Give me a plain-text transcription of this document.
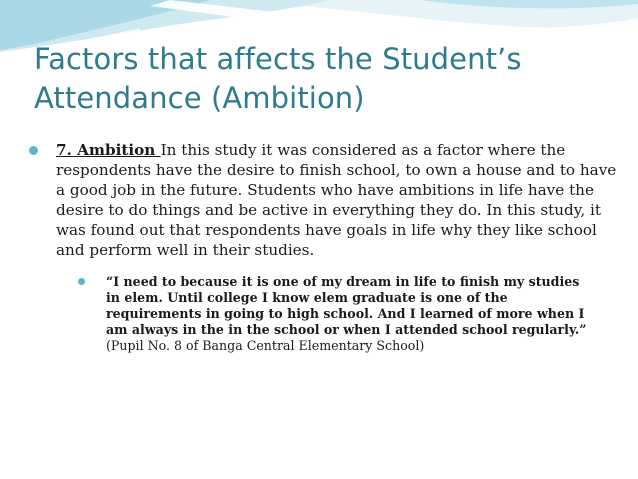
Factors that affects the Student’s Attendance (Ambition)

7. Ambition In this study it was considered as a factor where the respondents have the desire to finish school, to own a house and to have a good job in the future. Students who have ambitions in life have the desire to do things and be active in everything they do. In this study, it was found out that respondents have goals in life why they like school and perform well in their studies.

“I need to because it is one of my dream in life to finish my studies in elem. Until college I know elem graduate is one of the requirements in going to high school. And I learned of more when I am always in the in the school or when I attended school regularly.” (Pupil No. 8 of Banga Central Elementary School)
